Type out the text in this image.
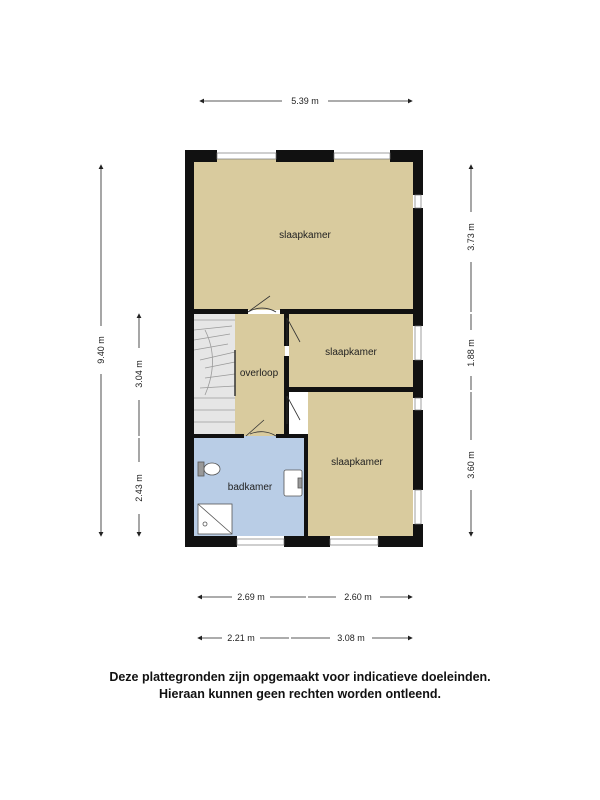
slaapkamer
slaapkamer
slaapkamer
overloop
badkamer
5.39 m
9.40 m
3.04 m
2.43 m
3.73 m
1.88 m
3.60 m
2.69 m	2.60 m
2.21 m	3.08 m
Deze plattegronden zijn opgemaakt voor indicatieve doeleinden.
Hieraan kunnen geen rechten worden ontleend.
